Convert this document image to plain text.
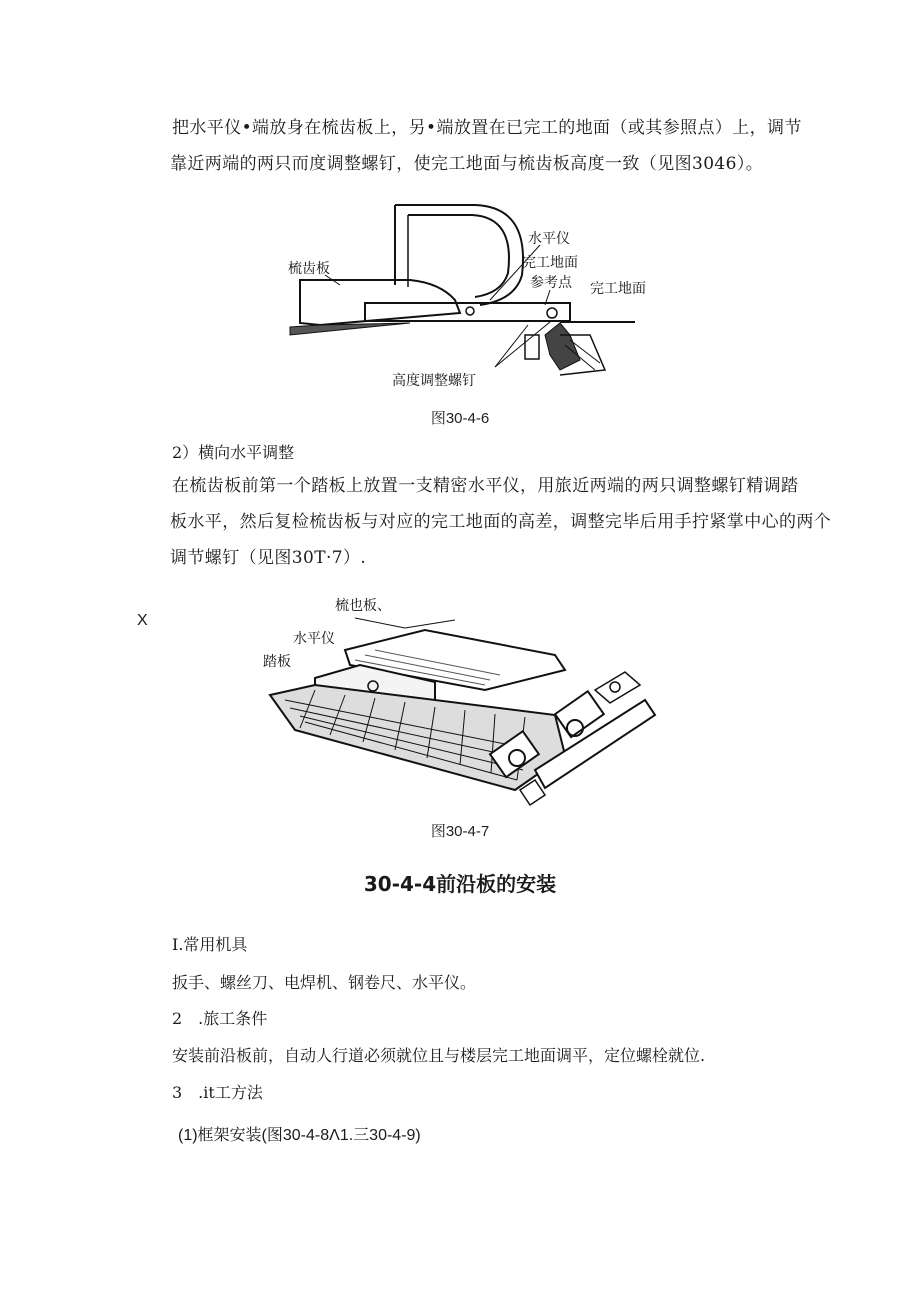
把水平仪•端放身在梳齿板上，另•端放置在已完工的地面（或其参照点）上，调节
靠近两端的两只而度调整螺钉，使完工地面与梳齿板高度一致（见图3046）。
梳齿板
水平仪
完工地面
参考点 完工地面
高度调整螺钉
图30-4-6
2）横向水平调整
在梳齿板前第一个踏板上放置一支精密水平仪，用旅近两端的两只调整螺钉精调踏
板水平，然后复检梳齿板与对应的完工地面的高差，调整完毕后用手拧紧掌中心的两个
调节螺钉（见图30T·7）.
X
梳也板、
水平仪
踏板
图30-4-7
30-4-4前沿板的安装
I.常用机具
扳手、螺丝刀、电焊机、钢卷尺、水平仪。
2　.旅工条件
安装前沿板前，自动人行道必须就位且与楼层完工地面调平，定位螺栓就位.
3　.it工方法
(1)框架安装(图30-4-8Λ1.三30-4-9)
